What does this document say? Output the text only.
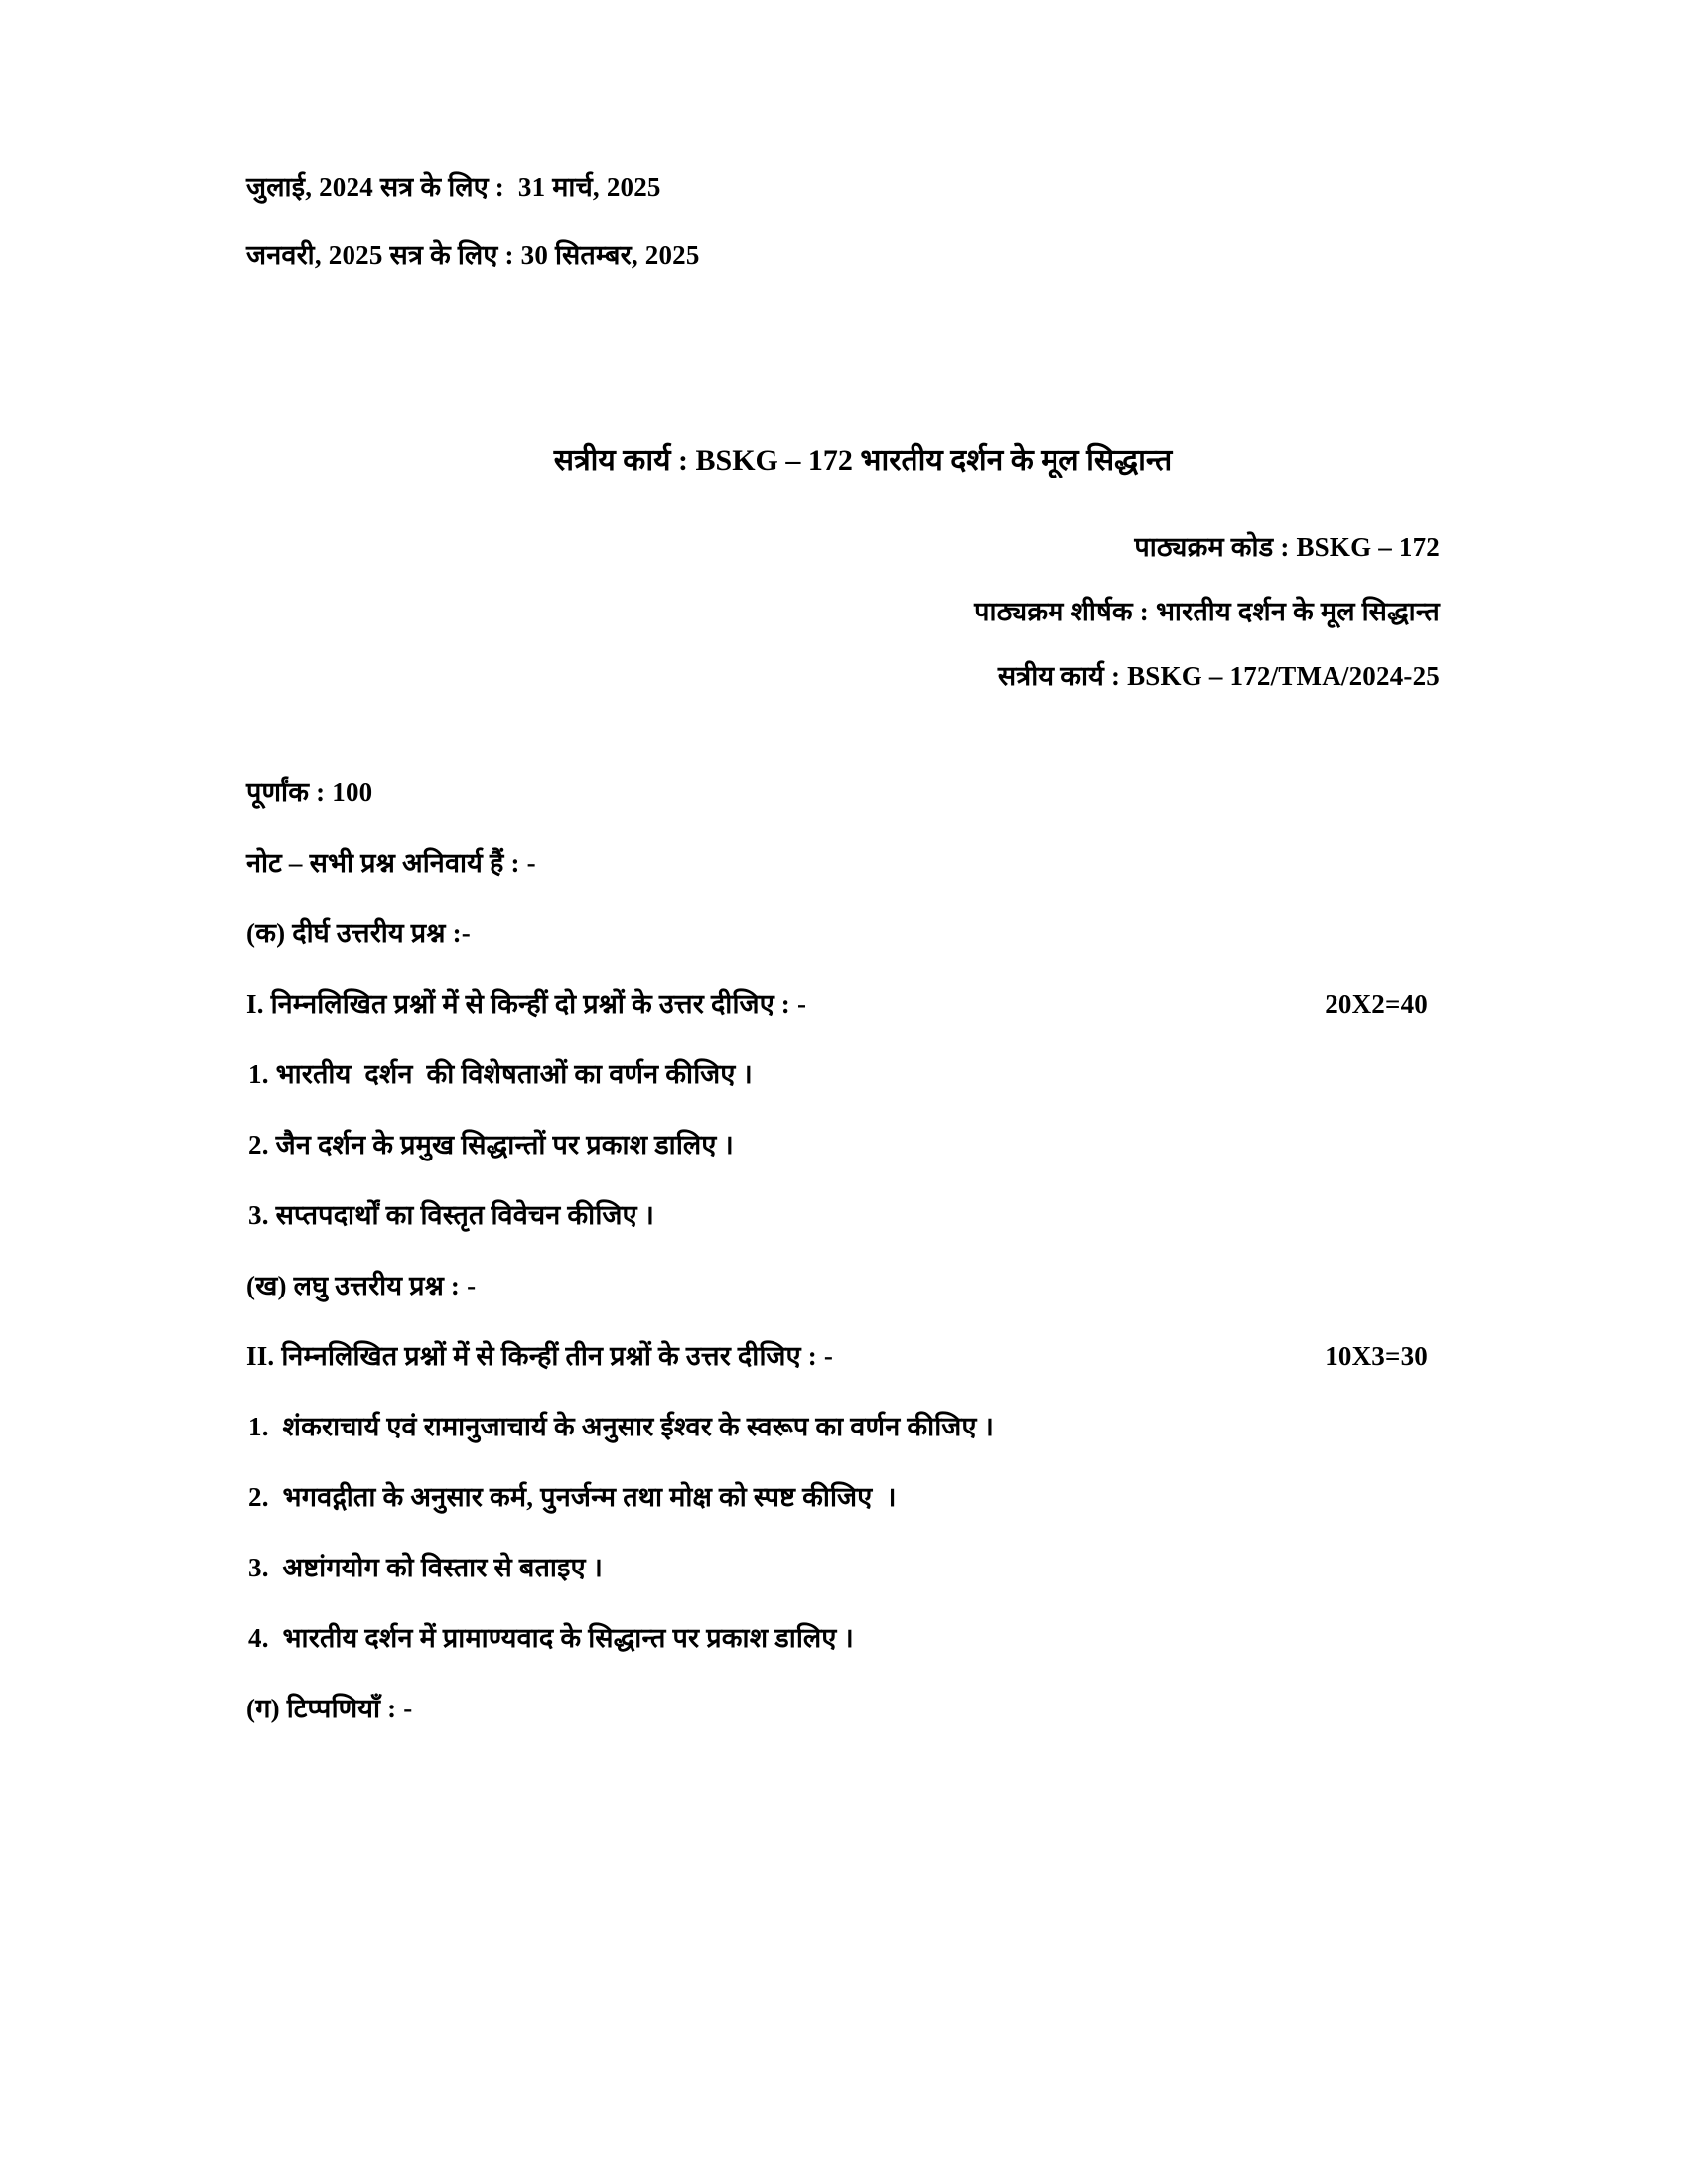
जुलाई, 2024 सत्र के लिए :  31 मार्च, 2025
जनवरी, 2025 सत्र के लिए : 30 सितम्बर, 2025
सत्रीय कार्य : BSKG – 172 भारतीय दर्शन के मूल सिद्धान्त
पाठ्यक्रम कोड : BSKG – 172
पाठ्यक्रम शीर्षक : भारतीय दर्शन के मूल सिद्धान्त
सत्रीय कार्य : BSKG – 172/TMA/2024-25
पूर्णांक : 100
नोट – सभी प्रश्न अनिवार्य हैं : -
(क) दीर्घ उत्तरीय प्रश्न :-
I. निम्नलिखित प्रश्नों में से किन्हीं दो प्रश्नों के उत्तर दीजिए : -	20X2=40
1. भारतीय  दर्शन  की विशेषताओं का वर्णन कीजिए ।
2. जैन दर्शन के प्रमुख सिद्धान्तों पर प्रकाश डालिए ।
3. सप्तपदार्थों का विस्तृत विवेचन कीजिए ।
(ख) लघु उत्तरीय प्रश्न : -
II. निम्नलिखित प्रश्नों में से किन्हीं तीन प्रश्नों के उत्तर दीजिए : -	10X3=30
1.  शंकराचार्य एवं रामानुजाचार्य के अनुसार ईश्वर के स्वरूप का वर्णन कीजिए ।
2.  भगवद्गीता के अनुसार कर्म, पुनर्जन्म तथा मोक्ष को स्पष्ट कीजिए  ।
3.  अष्टांगयोग को विस्तार से बताइए ।
4.  भारतीय दर्शन में प्रामाण्यवाद के सिद्धान्त पर प्रकाश डालिए ।
(ग) टिप्पणियाँ : -
